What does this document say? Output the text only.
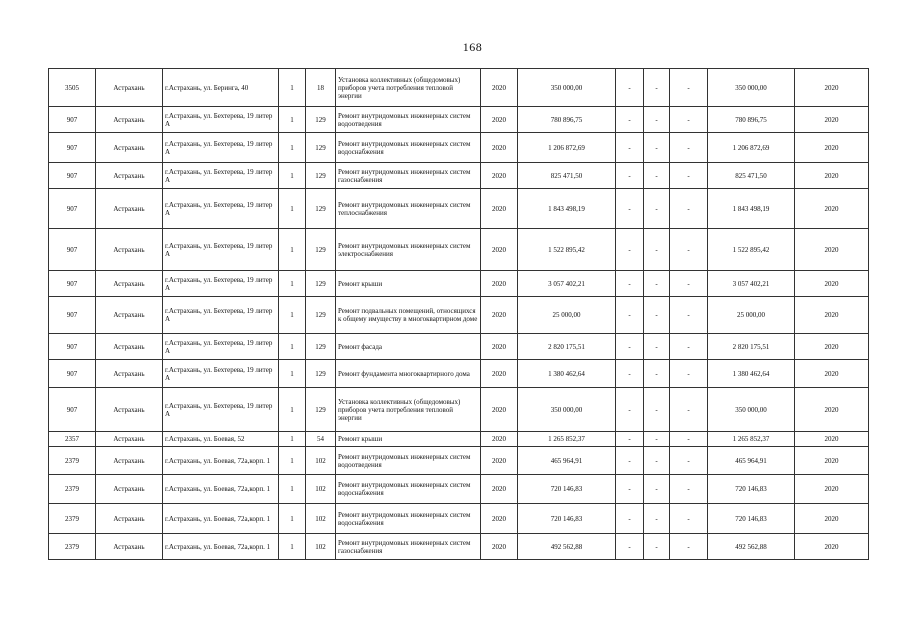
168
3505	Астрахань	г.Астрахань, ул. Беринга, 40	1	18	Установка коллективных (общедомовых) приборов учета потребления тепловой энергии	2020	350 000,00	-	-	-	350 000,00	2020
907	Астрахань	г.Астрахань, ул. Бехтерева, 19 литер А	1	129	Ремонт внутридомовых инженерных систем водоотведения	2020	780 896,75	-	-	-	780 896,75	2020
907	Астрахань	г.Астрахань, ул. Бехтерева, 19 литер А	1	129	Ремонт внутридомовых инженерных систем водоснабжения	2020	1 206 872,69	-	-	-	1 206 872,69	2020
907	Астрахань	г.Астрахань, ул. Бехтерева, 19 литер А	1	129	Ремонт внутридомовых инженерных систем газоснабжения	2020	825 471,50	-	-	-	825 471,50	2020
907	Астрахань	г.Астрахань, ул. Бехтерева, 19 литер А	1	129	Ремонт внутридомовых инженерных систем теплоснабжения	2020	1 843 498,19	-	-	-	1 843 498,19	2020
907	Астрахань	г.Астрахань, ул. Бехтерева, 19 литер А	1	129	Ремонт внутридомовых инженерных систем электроснабжения	2020	1 522 895,42	-	-	-	1 522 895,42	2020
907	Астрахань	г.Астрахань, ул. Бехтерева, 19 литер А	1	129	Ремонт крыши	2020	3 057 402,21	-	-	-	3 057 402,21	2020
907	Астрахань	г.Астрахань, ул. Бехтерева, 19 литер А	1	129	Ремонт подвальных помещений, относящихся к общему имуществу в многоквартирном доме	2020	25 000,00	-	-	-	25 000,00	2020
907	Астрахань	г.Астрахань, ул. Бехтерева, 19 литер А	1	129	Ремонт фасада	2020	2 820 175,51	-	-	-	2 820 175,51	2020
907	Астрахань	г.Астрахань, ул. Бехтерева, 19 литер А	1	129	Ремонт фундамента многоквартирного дома	2020	1 380 462,64	-	-	-	1 380 462,64	2020
907	Астрахань	г.Астрахань, ул. Бехтерева, 19 литер А	1	129	Установка коллективных (общедомовых) приборов учета потребления тепловой энергии	2020	350 000,00	-	-	-	350 000,00	2020
2357	Астрахань	г.Астрахань, ул. Боевая, 52	1	54	Ремонт крыши	2020	1 265 852,37	-	-	-	1 265 852,37	2020
2379	Астрахань	г.Астрахань, ул. Боевая, 72а,корп. 1	1	102	Ремонт внутридомовых инженерных систем водоотведения	2020	465 964,91	-	-	-	465 964,91	2020
2379	Астрахань	г.Астрахань, ул. Боевая, 72а,корп. 1	1	102	Ремонт внутридомовых инженерных систем водоснабжения	2020	720 146,83	-	-	-	720 146,83	2020
2379	Астрахань	г.Астрахань, ул. Боевая, 72а,корп. 1	1	102	Ремонт внутридомовых инженерных систем водоснабжения	2020	720 146,83	-	-	-	720 146,83	2020
2379	Астрахань	г.Астрахань, ул. Боевая, 72а,корп. 1	1	102	Ремонт внутридомовых инженерных систем газоснабжения	2020	492 562,88	-	-	-	492 562,88	2020
